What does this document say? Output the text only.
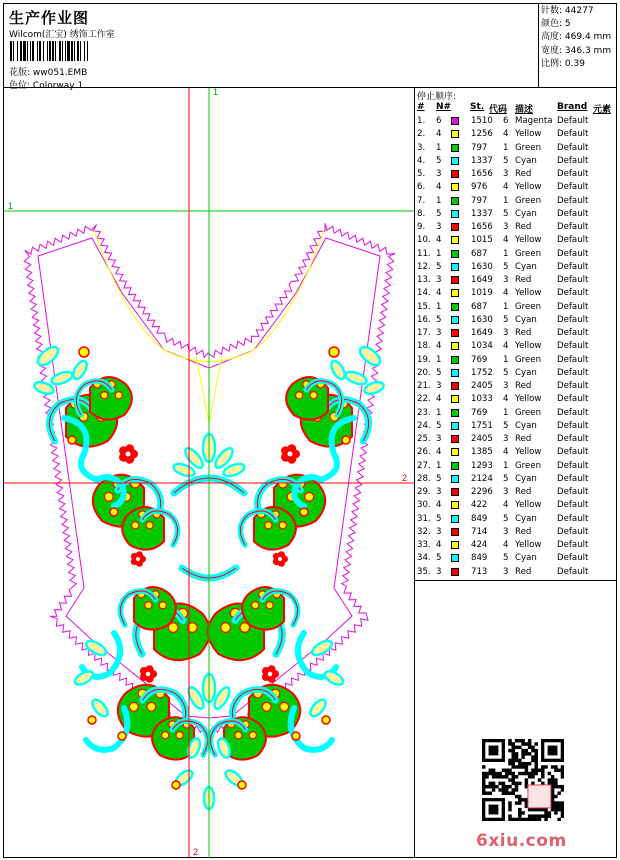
生产作业图
Wilcom(汇宝) 绣饰工作室
花版: ww051.EMB
色位: Colorway 1
针数: 44277
颜色: 5
高度: 469.4 mm
宽度: 346.3 mm
比例: 0.39
停止顺序:
# N# St. 代码 描述	Brand 元素
1. 6	1510 6 Magenta Default
2. 4	1256 4 Yellow Default
3. 1	797 1 Green Default
4. 5	1337 5 Cyan Default
5. 3	1656 3 Red	Default
6. 4	976 4 Yellow Default
7. 1	797 1 Green Default
8. 5	1337 5 Cyan Default
9. 3	1656 3 Red	Default
10. 4	1015 4 Yellow Default
11. 1	687 1 Green Default
12. 5	1630 5 Cyan Default
13. 3	1649 3 Red	Default
14. 4	1019 4 Yellow Default
15. 1	687 1 Green Default
16. 5	1630 5 Cyan Default
17. 3	1649 3 Red	Default
18. 4	1034 4 Yellow Default
19. 1	769 1 Green Default
20. 5	1752 5 Cyan Default
21. 3	2405 3 Red	Default
22. 4	1033 4 Yellow Default
23. 1	769 1 Green Default
24. 5	1751 5 Cyan Default
25. 3	2405 3 Red	Default
26. 4	1385 4 Yellow Default
27. 1	1293 1 Green Default
28. 5	2124 5 Cyan Default
29. 3	2296 3 Red	Default
30. 4	422 4 Yellow Default
31. 5	849 5 Cyan Default
32. 3	714 3 Red	Default
33. 4	424 4 Yellow Default
34. 5	849 5 Cyan Default
35. 3	713 3 Red	Default
1
1
2
2
6xiu.com
